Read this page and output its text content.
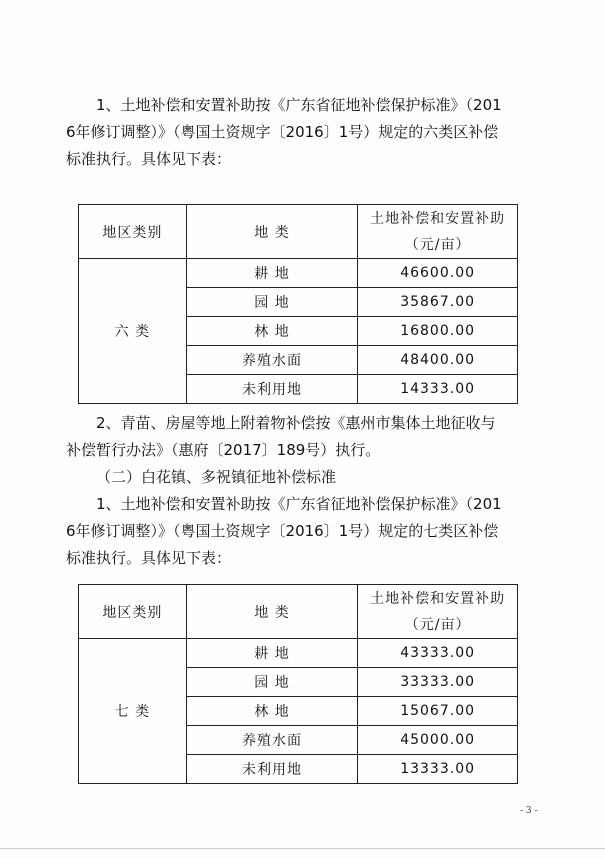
1、土地补偿和安置补助按《广东省征地补偿保护标准》（201
6年修订调整）》（粤国土资规字〔2016〕1号）规定的六类区补偿
标准执行。具体见下表：
地区类别	地 类	土地补偿和安置补助
（元/亩）

六 类	耕 地	46600.00
	园 地	35867.00
	林 地	16800.00
	养殖水面	48400.00
	未利用地	14333.00
2、青苗、房屋等地上附着物补偿按《惠州市集体土地征收与
补偿暂行办法》（惠府〔2017〕189号）执行。
（二）白花镇、多祝镇征地补偿标准
1、土地补偿和安置补助按《广东省征地补偿保护标准》（201
6年修订调整）》（粤国土资规字〔2016〕1号）规定的七类区补偿
标准执行。具体见下表：
地区类别	地 类	土地补偿和安置补助
（元/亩）

七 类	耕 地	43333.00
	园 地	33333.00
	林 地	15067.00
	养殖水面	45000.00
	未利用地	13333.00
- 3 -
